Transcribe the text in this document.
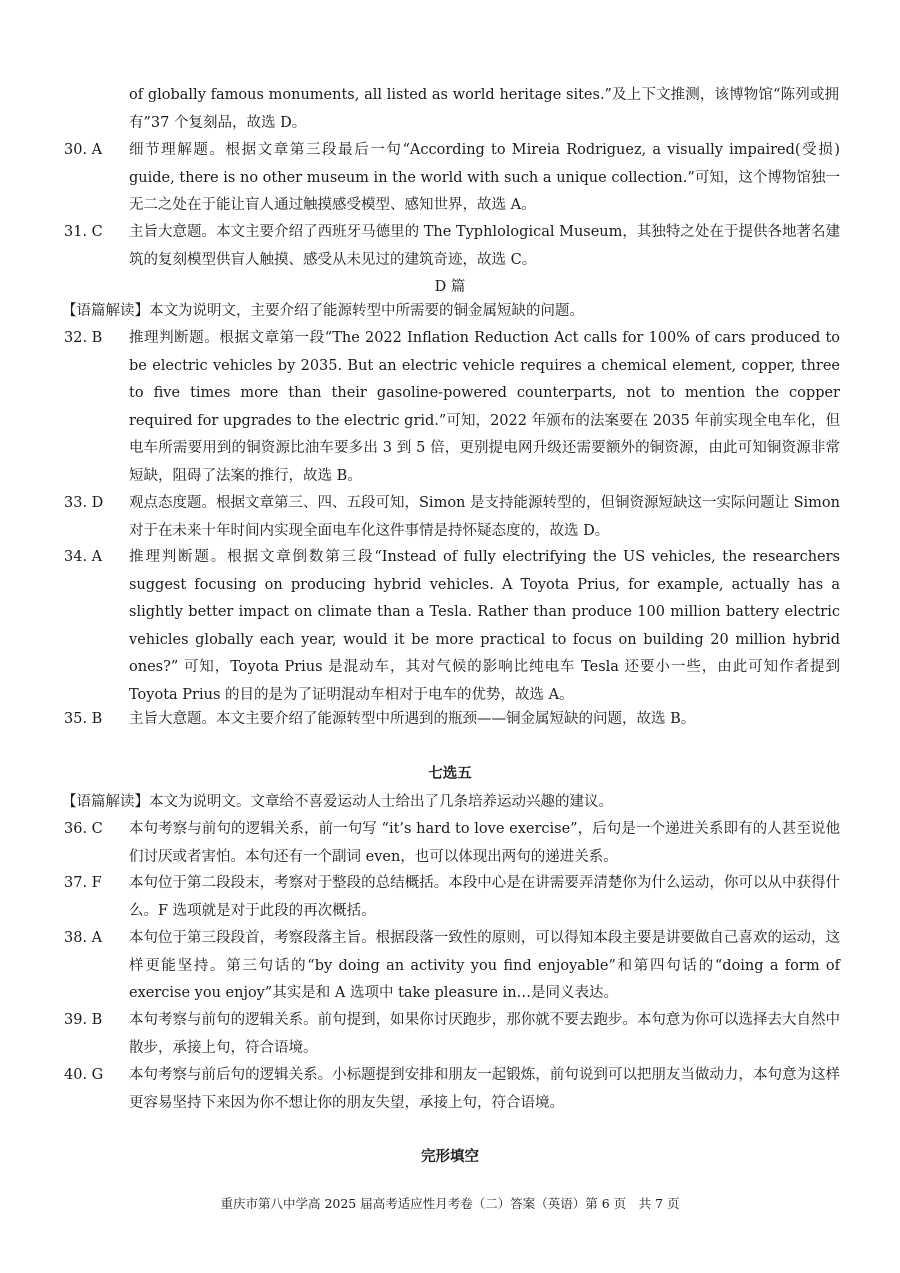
of globally famous monuments, all listed as world heritage sites.”及上下文推测，该博物馆“陈列或拥有”37 个复刻品，故选 D。
30. A	细节理解题。根据文章第三段最后一句“According to Mireia Rodriguez, a visually impaired(受损) guide, there is no other museum in the world with such a unique collection.”可知，这个博物馆独一无二之处在于能让盲人通过触摸感受模型、感知世界，故选 A。
31. C	主旨大意题。本文主要介绍了西班牙马德里的 The Typhlological Museum，其独特之处在于提供各地著名建筑的复刻模型供盲人触摸、感受从未见过的建筑奇迹，故选 C。
D 篇
【语篇解读】本文为说明文，主要介绍了能源转型中所需要的铜金属短缺的问题。
32. B	推理判断题。根据文章第一段“The 2022 Inflation Reduction Act calls for 100% of cars produced to be electric vehicles by 2035. But an electric vehicle requires a chemical element, copper, three to five times more than their gasoline-powered counterparts, not to mention the copper required for upgrades to the electric grid.”可知，2022 年颁布的法案要在 2035 年前实现全电车化，但电车所需要用到的铜资源比油车要多出 3 到 5 倍，更别提电网升级还需要额外的铜资源，由此可知铜资源非常短缺，阻碍了法案的推行，故选 B。
33. D	观点态度题。根据文章第三、四、五段可知，Simon 是支持能源转型的，但铜资源短缺这一实际问题让 Simon 对于在未来十年时间内实现全面电车化这件事情是持怀疑态度的，故选 D。
34. A	推理判断题。根据文章倒数第三段“Instead of fully electrifying the US vehicles, the researchers suggest focusing on producing hybrid vehicles. A Toyota Prius, for example, actually has a slightly better impact on climate than a Tesla. Rather than produce 100 million battery electric vehicles globally each year, would it be more practical to focus on building 20 million hybrid ones?” 可知，Toyota Prius 是混动车，其对气候的影响比纯电车 Tesla 还要小一些，由此可知作者提到 Toyota Prius 的目的是为了证明混动车相对于电车的优势，故选 A。
35. B	主旨大意题。本文主要介绍了能源转型中所遇到的瓶颈——铜金属短缺的问题，故选 B。
七选五
【语篇解读】本文为说明文。文章给不喜爱运动人士给出了几条培养运动兴趣的建议。
36. C	本句考察与前句的逻辑关系，前一句写 “it’s hard to love exercise”，后句是一个递进关系即有的人甚至说他们讨厌或者害怕。本句还有一个副词 even，也可以体现出两句的递进关系。
37. F	本句位于第二段段末，考察对于整段的总结概括。本段中心是在讲需要弄清楚你为什么运动，你可以从中获得什么。F 选项就是对于此段的再次概括。
38. A	本句位于第三段段首，考察段落主旨。根据段落一致性的原则，可以得知本段主要是讲要做自己喜欢的运动，这样更能坚持。第三句话的“by doing an activity you find enjoyable”和第四句话的“doing a form of exercise you enjoy”其实是和 A 选项中 take pleasure in…是同义表达。
39. B	本句考察与前句的逻辑关系。前句提到，如果你讨厌跑步，那你就不要去跑步。本句意为你可以选择去大自然中散步，承接上句，符合语境。
40. G	本句考察与前后句的逻辑关系。小标题提到安排和朋友一起锻炼，前句说到可以把朋友当做动力，本句意为这样更容易坚持下来因为你不想让你的朋友失望，承接上句，符合语境。
完形填空
重庆市第八中学高 2025 届高考适应性月考卷（二）答案（英语）第 6 页　共 7 页
